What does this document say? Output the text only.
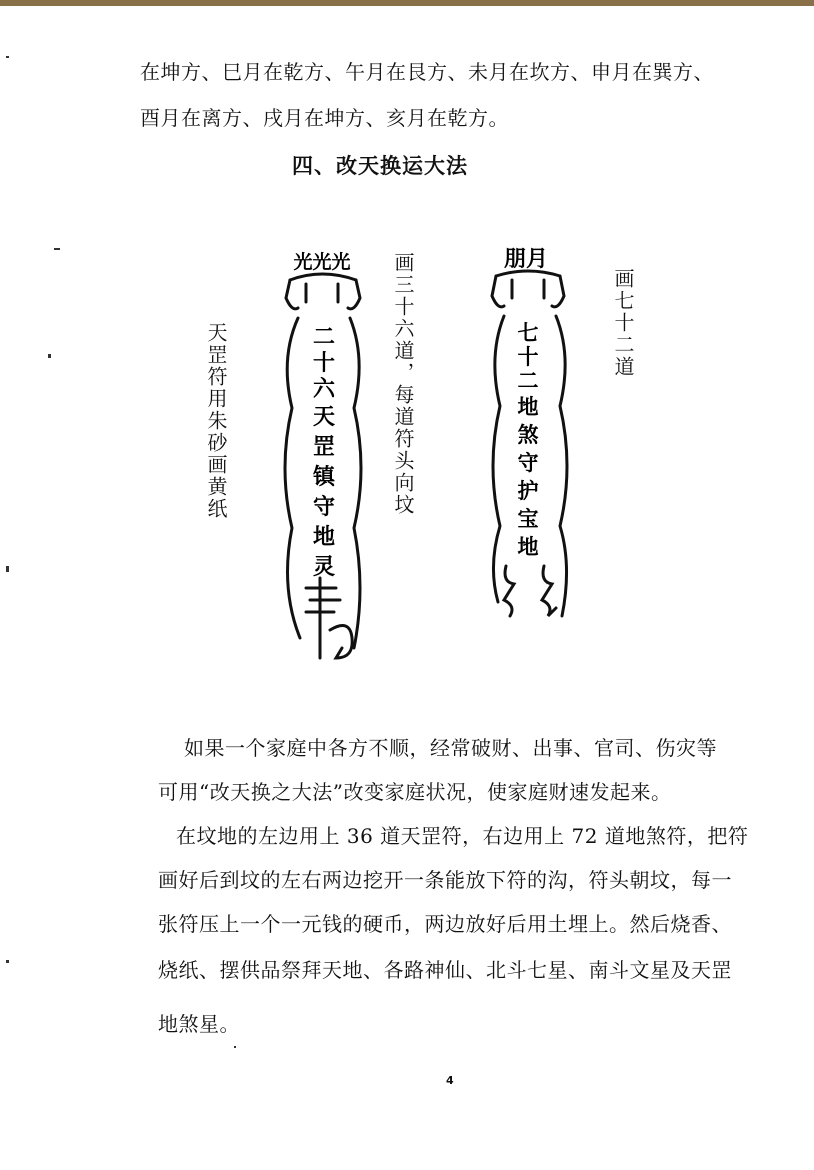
在坤方、巳月在乾方、午月在艮方、未月在坎方、申月在巽方、
酉月在离方、戌月在坤方、亥月在乾方。
四、改天换运大法
天罡符用朱砂画黄纸	画三十六道，每道符头向坟	画七十二道
光光光
二十六天罡镇守地灵
朋月
七十二地煞守护宝地
如果一个家庭中各方不顺，经常破财、出事、官司、伤灾等
可用“改天换之大法”改变家庭状况，使家庭财速发起来。
在坟地的左边用上 36 道天罡符，右边用上 72 道地煞符，把符
画好后到坟的左右两边挖开一条能放下符的沟，符头朝坟，每一
张符压上一个一元钱的硬币，两边放好后用土埋上。然后烧香、
烧纸、摆供品祭拜天地、各路神仙、北斗七星、南斗文星及天罡
地煞星。
4
